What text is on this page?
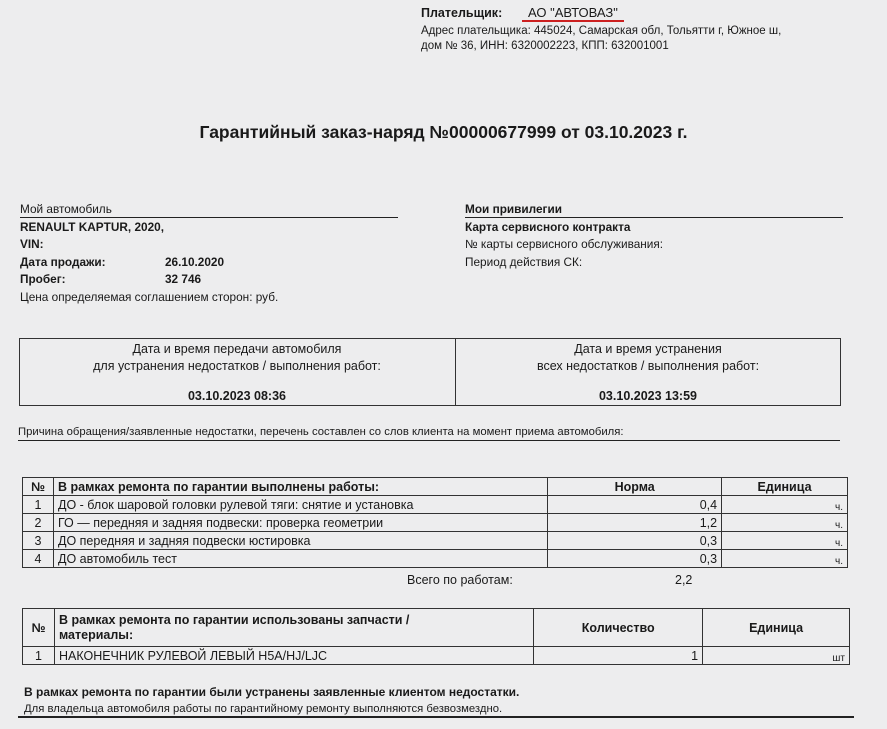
Плательщик: АО "АВТОВАЗ"
Адрес плательщика: 445024, Самарская обл, Тольятти г, Южное ш,
дом № 36, ИНН: 6320002223, КПП: 632001001
Гарантийный заказ-наряд №00000677999 от 03.10.2023 г.
Мой автомобиль
RENAULT KAPTUR, 2020,
VIN:
Дата продажи:	26.10.2020
Пробег:	32 746
Цена определяемая соглашением сторон: руб.
Мои привилегии
Карта сервисного контракта
№ карты сервисного обслуживания:
Период действия СК:
Дата и время передачи автомобиля
для устранения недостатков / выполнения работ:
03.10.2023 08:36
Дата и время устранения
всех недостатков / выполнения работ:
03.10.2023 13:59
Причина обращения/заявленные недостатки, перечень составлен со слов клиента на момент приема автомобиля:
№	В рамках ремонта по гарантии выполнены работы:	Норма	Единица
1	ДО - блок шаровой головки рулевой тяги: снятие и установка	0,4	ч.
2	ГО — передняя и задняя подвески: проверка геометрии	1,2	ч.
3	ДО передняя и задняя подвески юстировка	0,3	ч.
4	ДО автомобиль тест	0,3	ч.
Всего по работам:	2,2
№	В рамках ремонта по гарантии использованы запчасти /
материалы:	Количество	Единица
1	НАКОНЕЧНИК РУЛЕВОЙ ЛЕВЫЙ H5A/HJ/LJC	1	шт
В рамках ремонта по гарантии были устранены заявленные клиентом недостатки.
Для владельца автомобиля работы по гарантийному ремонту выполняются безвозмездно.
